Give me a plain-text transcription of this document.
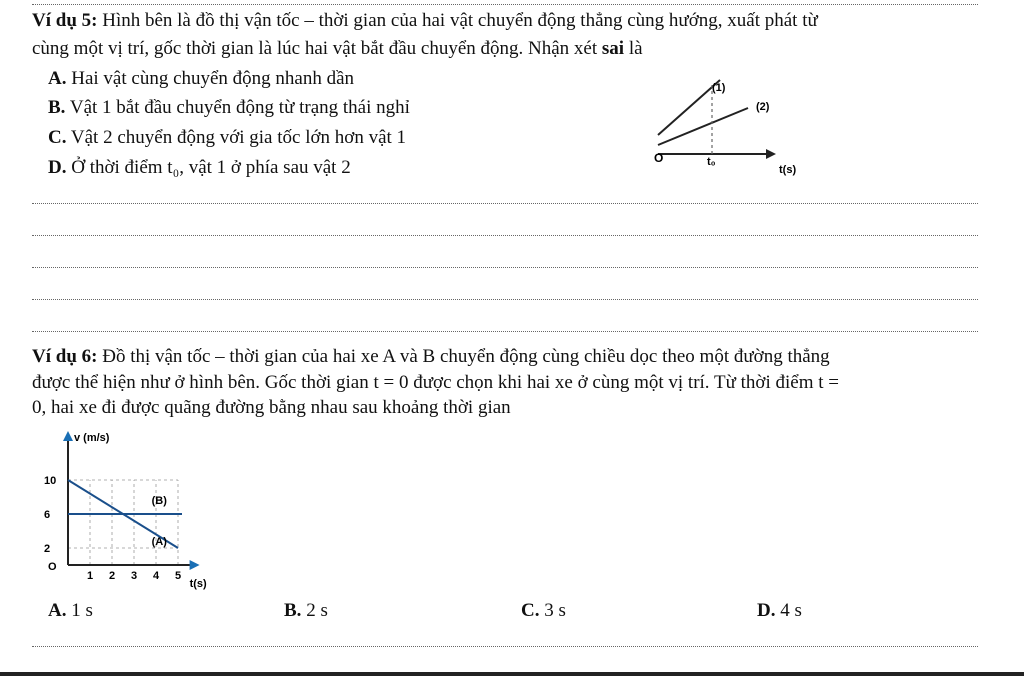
Ví dụ 5: Hình bên là đồ thị vận tốc – thời gian của hai vật chuyển động thẳng cùng hướng, xuất phát từ
cùng một vị trí, gốc thời gian là lúc hai vật bắt đầu chuyển động. Nhận xét sai là
A. Hai vật cùng chuyển động nhanh dần
B. Vật 1 bắt đầu chuyển động từ trạng thái nghỉ
C. Vật 2 chuyển động với gia tốc lớn hơn vật 1
D. Ở thời điểm t₀, vật 1 ở phía sau vật 2
(1)
(2)
O	t₀
t(s)
Ví dụ 6: Đồ thị vận tốc – thời gian của hai xe A và B chuyển động cùng chiều dọc theo một đường thẳng
được thể hiện như ở hình bên. Gốc thời gian t = 0 được chọn khi hai xe ở cùng một vị trí. Từ thời điểm t =
0, hai xe đi được quãng đường bằng nhau sau khoảng thời gian
(B)
(A)
v (m/s)
t(s)
O
1 2 3 4 5
2
6
10
A. 1 s	B. 2 s	C. 3 s	D. 4 s
